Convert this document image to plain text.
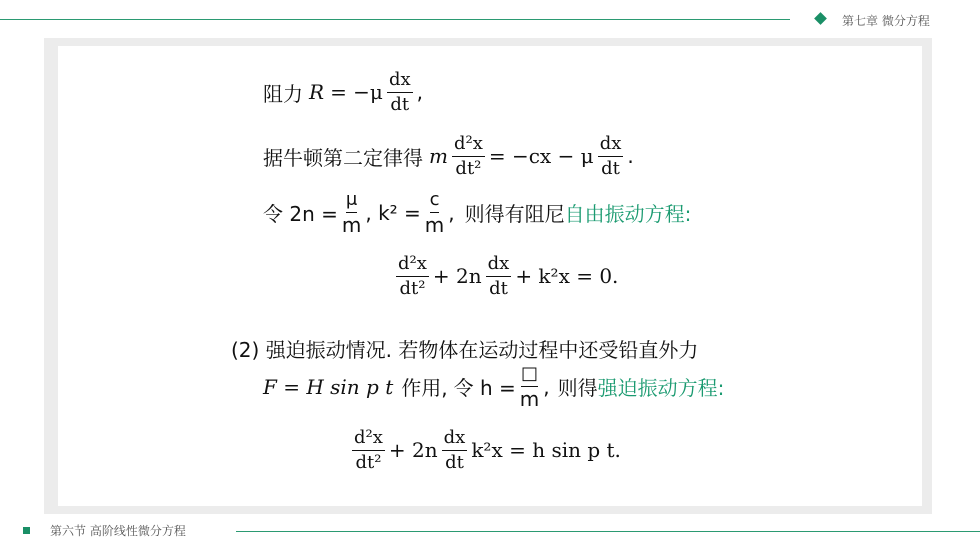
第七章 微分方程
阻力 $R = -\mu \frac{dx}{dt}$ ,
据牛顿第二定律得 m $\frac{\text{d²x}}{\text{dt²}} = -cx - \mu \frac{dx}{dt}$ .
令 $2n = \frac{\mu}{m}$ , $k^2 = \frac{c}{m}$ , 则得有阻尼 自由振动方程:
$\frac{\text{d²x}}{\text{dt²}} + 2n \frac{dx}{dt} + k^2x = 0$.
(2) 强迫振动情况. 若物体在运动过程中还受铅直外力
F = H sin p t 作用, 令 $h = \frac{□}{m}$ , 则得 强迫振动方程:
$\frac{\text{d²x}}{\text{dt²}} + 2n \frac{dx}{dt} k^2x = h$ sin p t.
第六节 高阶线性微分方程
